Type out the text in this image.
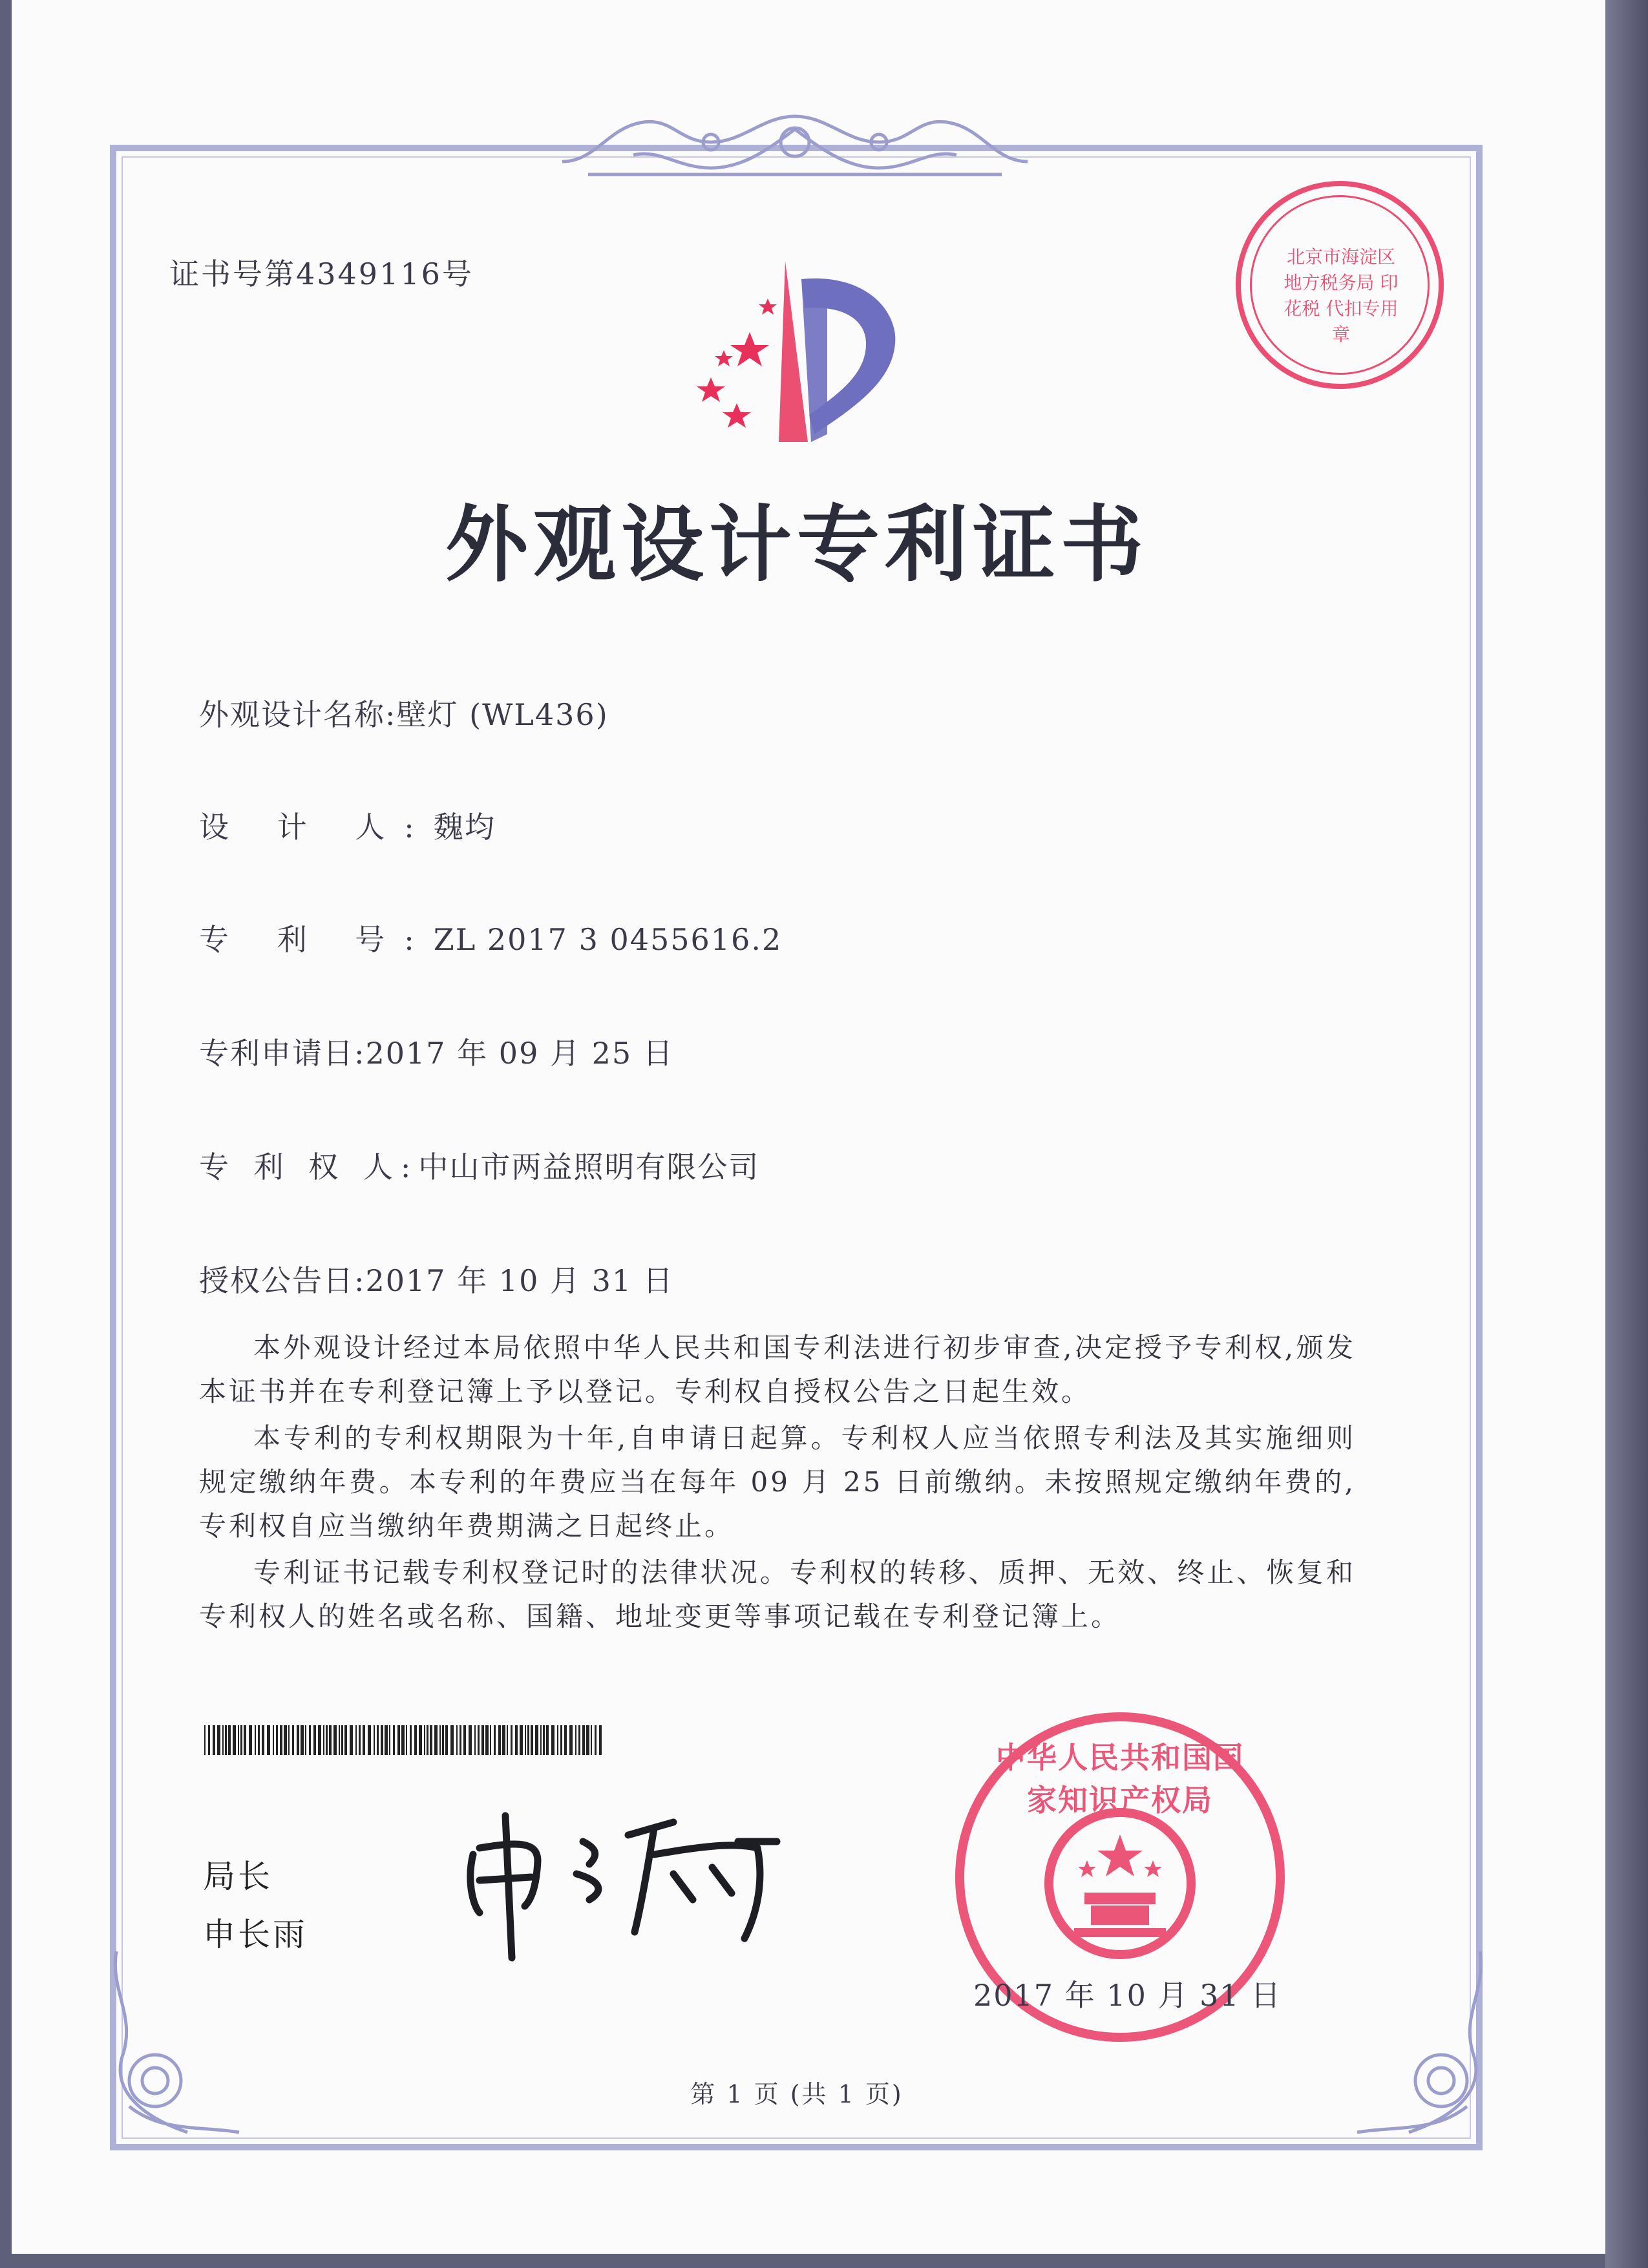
证书号第4349116号	北京市海淀区地方税务局 印花税 代扣专用章
外观设计专利证书
外观设计名称:壁灯 (WL436)
设 计 人:魏均
专 利 号:ZL 2017 3 0455616.2
专利申请日:2017 年 09 月 25 日
专 利 权 人:中山市两益照明有限公司
授权公告日:2017 年 10 月 31 日

本外观设计经过本局依照中华人民共和国专利法进行初步审查,决定授予专利权,颁发本证书并在专利登记簿上予以登记。专利权自授权公告之日起生效。

本专利的专利权期限为十年,自申请日起算。专利权人应当依照专利法及其实施细则规定缴纳年费。本专利的年费应当在每年 09 月 25 日前缴纳。未按照规定缴纳年费的,专利权自应当缴纳年费期满之日起终止。

专利证书记载专利权登记时的法律状况。专利权的转移、质押、无效、终止、恢复和专利权人的姓名或名称、国籍、地址变更等事项记载在专利登记簿上。

局长
申长雨
中华人民共和国国家知识产权局
2017 年 10 月 31 日
第 1 页 (共 1 页)
